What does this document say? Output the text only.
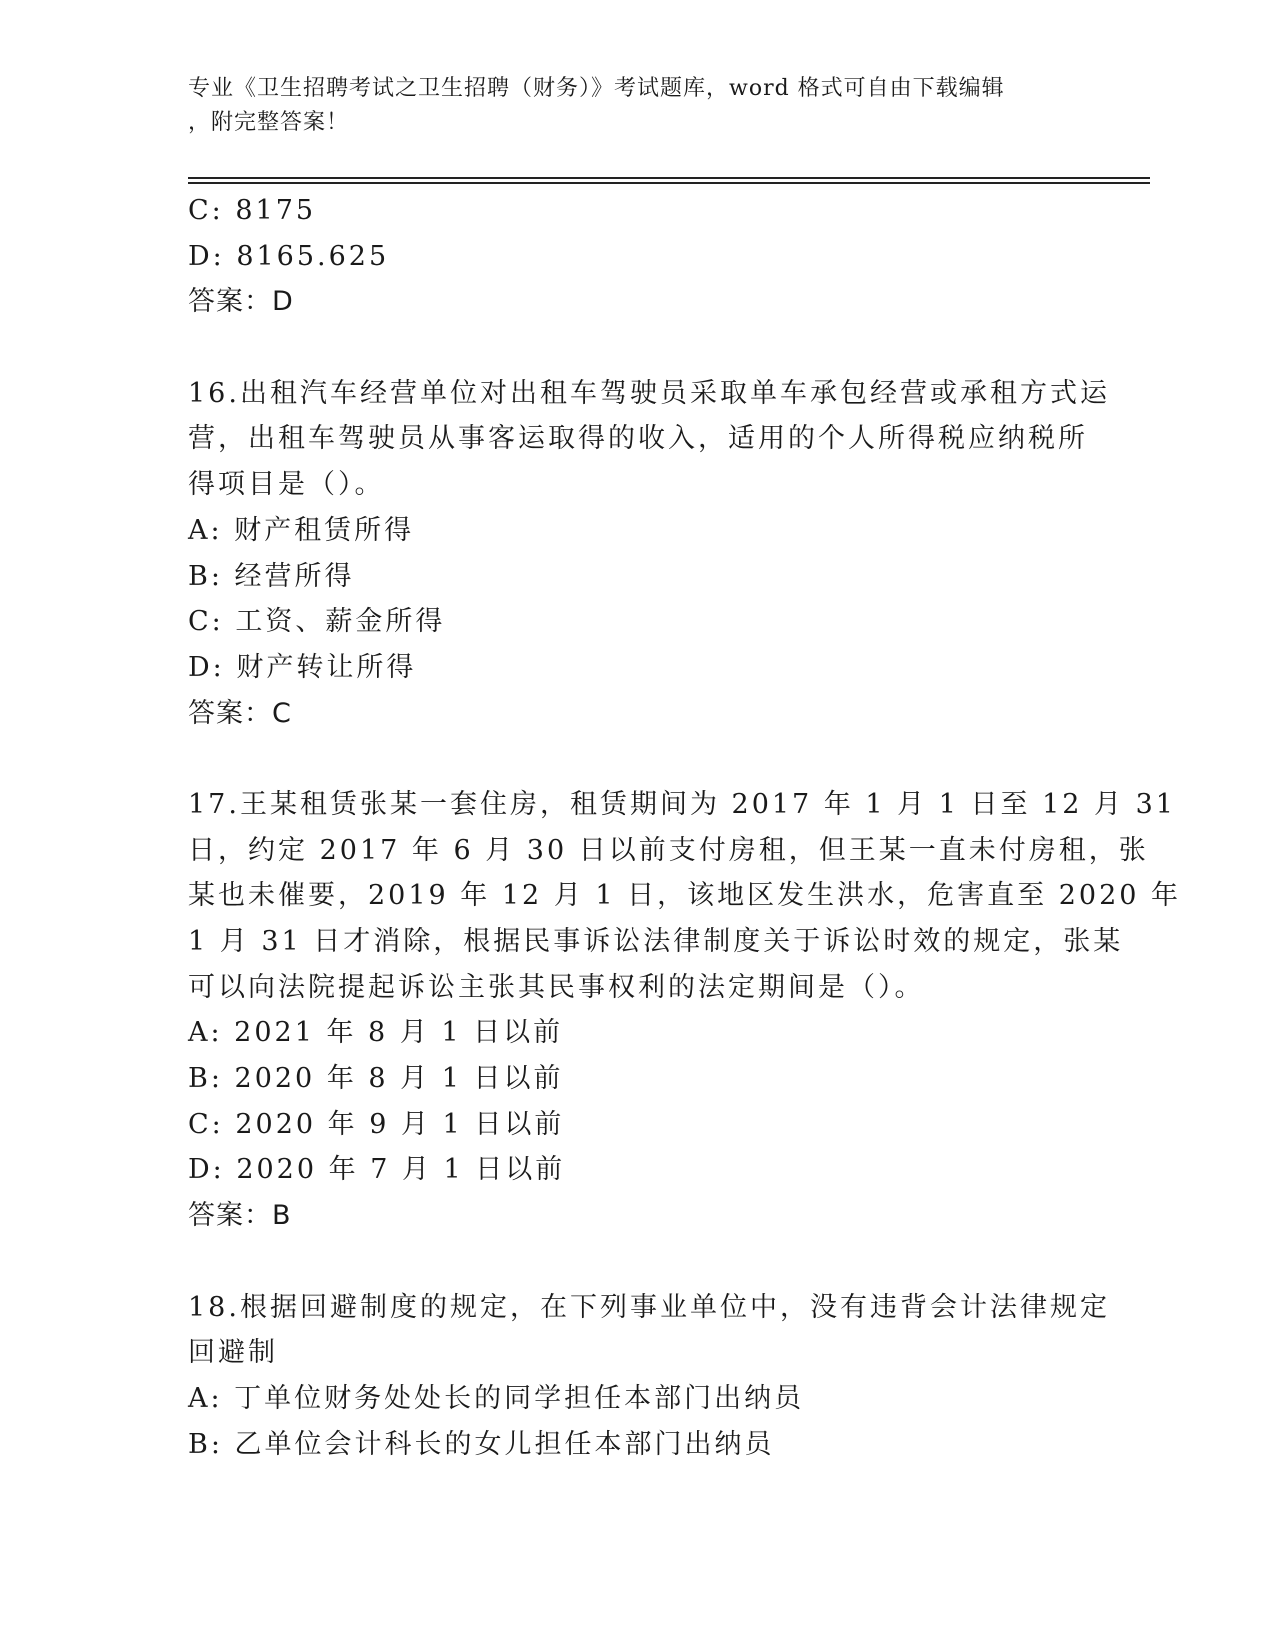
专业《卫生招聘考试之卫生招聘（财务）》考试题库，word 格式可自由下载编辑
，附完整答案！
C: 8175
D: 8165.625
答案：D
16.出租汽车经营单位对出租车驾驶员采取单车承包经营或承租方式运
营，出租车驾驶员从事客运取得的收入，适用的个人所得税应纳税所
得项目是（）。
A: 财产租赁所得
B: 经营所得
C: 工资、薪金所得
D: 财产转让所得
答案：C
17.王某租赁张某一套住房，租赁期间为 2017 年 1 月 1 日至 12 月 31
日，约定 2017 年 6 月 30 日以前支付房租，但王某一直未付房租，张
某也未催要，2019 年 12 月 1 日，该地区发生洪水，危害直至 2020 年
1 月 31 日才消除，根据民事诉讼法律制度关于诉讼时效的规定，张某
可以向法院提起诉讼主张其民事权利的法定期间是（）。
A: 2021 年 8 月 1 日以前
B: 2020 年 8 月 1 日以前
C: 2020 年 9 月 1 日以前
D: 2020 年 7 月 1 日以前
答案：B
18.根据回避制度的规定，在下列事业单位中，没有违背会计法律规定
回避制
A: 丁单位财务处处长的同学担任本部门出纳员
B: 乙单位会计科长的女儿担任本部门出纳员
